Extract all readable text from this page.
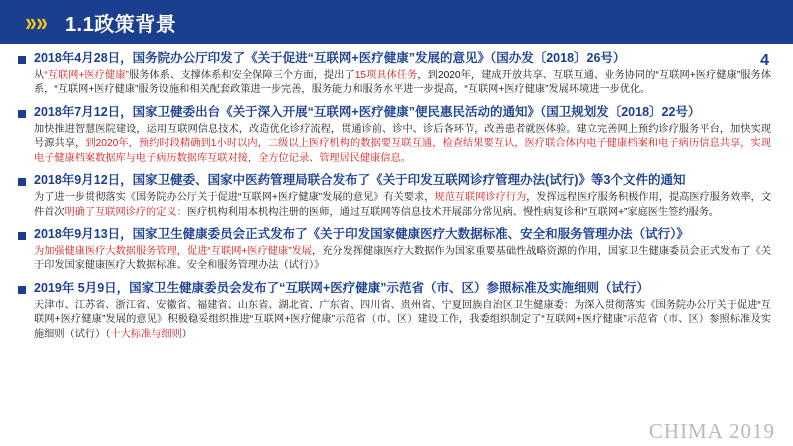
» » 1.1政策背景
4
2018年4月28日，国务院办公厅印发了《关于促进“互联网+医疗健康”发展的意见》（国办发〔2018〕26号）
从“互联网+医疗健康”服务体系、支撑体系和安全保障三个方面，提出了15项具体任务，到2020年，建成开放共享、互联互通、业务协同的“互联网+医疗健康”服务体系，“互联网+医疗健康”服务设施和相关配套政策进一步完善，服务能力和服务水平进一步提高，“互联网+医疗健康”发展环境进一步优化。
2018年7月12日，国家卫健委出台《关于深入开展“互联网+医疗健康”便民惠民活动的通知》（国卫规划发〔2018〕22号）
加快推进智慧医院建设，运用互联网信息技术，改造优化诊疗流程，贯通诊前、诊中、诊后各环节，改善患者就医体验。建立完善网上预约诊疗服务平台，加快实现号源共享，到2020年，预约时段精确到1小时以内，二级以上医疗机构的数据要互联互通，检查结果要互认，医疗联合体内电子健康档案和电子病历信息共享，实现电子健康档案数据库与电子病历数据库互联对接，全方位记录、管理居民健康信息。
2018年9月12日，国家卫健委、国家中医药管理局联合发布了《关于印发互联网诊疗管理办法(试行)》等3个文件的通知
为了进一步贯彻落实《国务院办公厅关于促进“互联网+医疗健康”发展的意见》有关要求，规范互联网诊疗行为，发挥远程医疗服务积极作用，提高医疗服务效率，文件首次明确了互联网诊疗的定义：医疗机构利用本机构注册的医师，通过互联网等信息技术开展部分常见病、慢性病复诊和“互联网+”家庭医生签约服务。
2018年9月13日，国家卫生健康委员会正式发布了《关于印发国家健康医疗大数据标准、安全和服务管理办法（试行）》
为加强健康医疗大数据服务管理，促进“互联网+医疗健康”发展，充分发挥健康医疗大数据作为国家重要基础性战略资源的作用，国家卫生健康委员会正式发布了《关于印发国家健康医疗大数据标准、安全和服务管理办法（试行）》
2019年 5月9日，国家卫生健康委员会发布了“互联网+医疗健康”示范省（市、区）参照标准及实施细则（试行）
天津市、江苏省、浙江省、安徽省、福建省、山东省、湖北省、广东省、四川省、贵州省、宁夏回族自治区卫生健康委：为深入贯彻落实《国务院办公厅关于促进“互联网+医疗健康”发展的意见》积极稳妥组织推进“互联网+医疗健康”示范省（市、区）建设工作，我委组织制定了“互联网+医疗健康”示范省（市、区）参照标准及实施细则（试行）（十大标准与细则）
CHIMA 2019
